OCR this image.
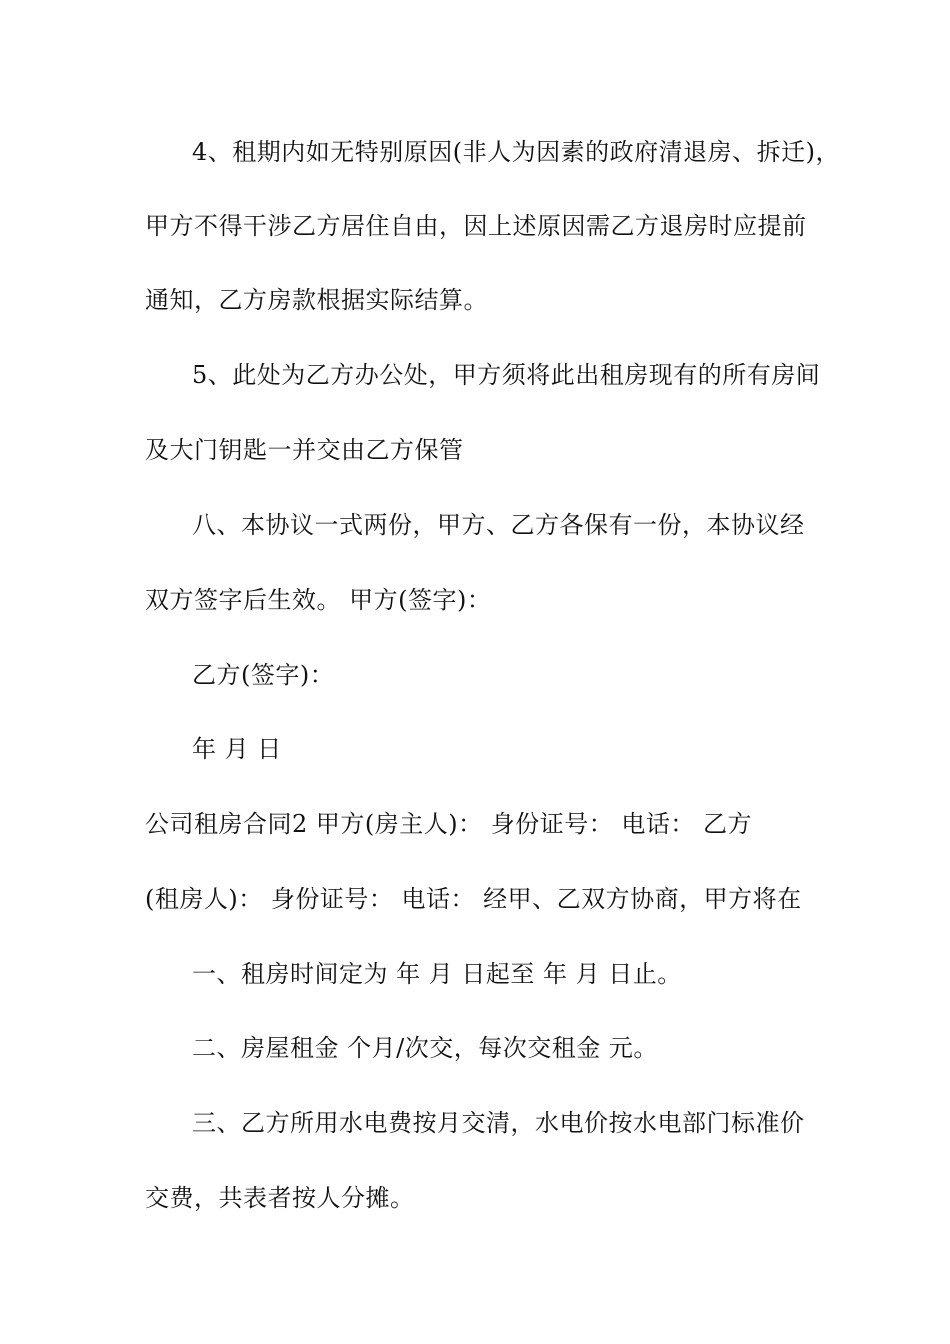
4、租期内如无特别原因(非人为因素的政府清退房、拆迁)，
甲方不得干涉乙方居住自由，因上述原因需乙方退房时应提前
通知，乙方房款根据实际结算。
5、此处为乙方办公处，甲方须将此出租房现有的所有房间
及大门钥匙一并交由乙方保管
八、本协议一式两份，甲方、乙方各保有一份，本协议经
双方签字后生效。 甲方(签字)：
乙方(签字)：
年 月 日
公司租房合同2 甲方(房主人)： 身份证号： 电话： 乙方
(租房人)： 身份证号： 电话： 经甲、乙双方协商，甲方将在
一、租房时间定为 年 月 日起至 年 月 日止。
二、房屋租金 个月/次交，每次交租金 元。
三、乙方所用水电费按月交清，水电价按水电部门标准价
交费，共表者按人分摊。
